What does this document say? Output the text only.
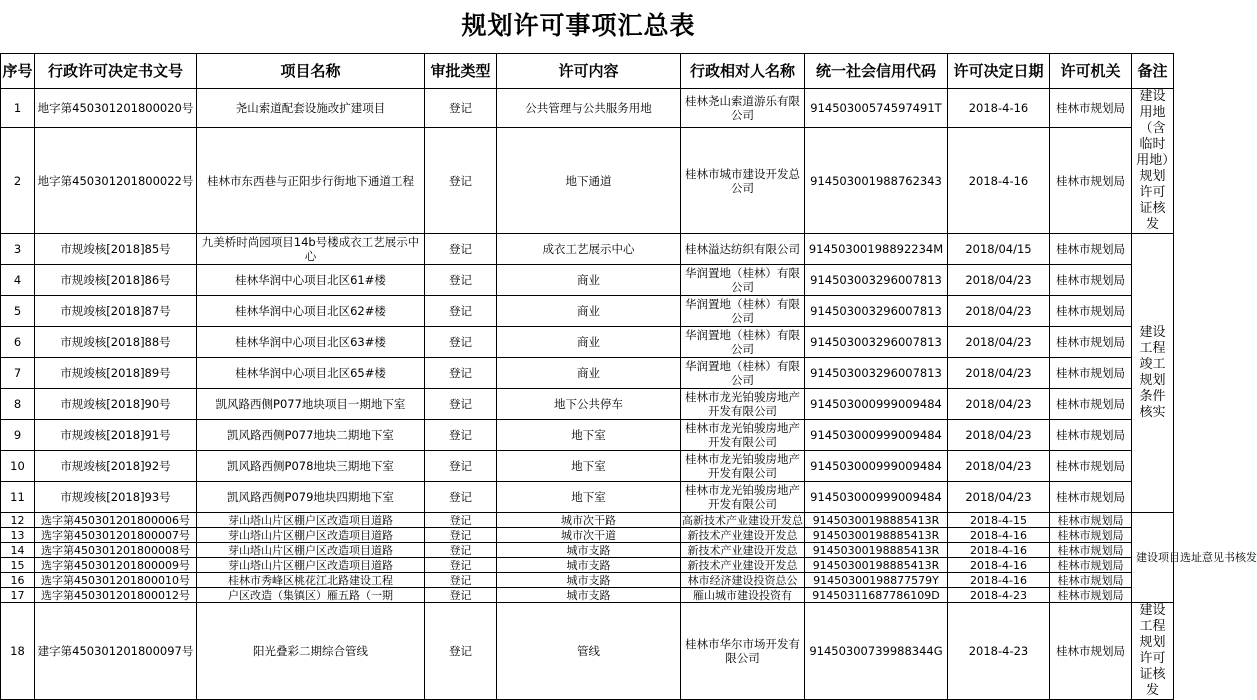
规划许可事项汇总表
序号	行政许可决定书文号	项目名称	审批类型	许可内容	行政相对人名称	统一社会信用代码	许可决定日期	许可机关	备注
1	地字第450301201800020号	尧山索道配套设施改扩建项目	登记	公共管理与公共服务用地	桂林尧山索道游乐有限公司	91450300574597491T	2018-4-16	桂林市规划局	建设用地（含临时用地）规划许可证核发
2	地字第450301201800022号	桂林市东西巷与正阳步行街地下通道工程	登记	地下通道	桂林市城市建设开发总公司	914503001988762343	2018-4-16	桂林市规划局	
3	市规竣核[2018]85号	九美桥时尚园项目14b号楼成衣工艺展示中心	登记	成衣工艺展示中心	桂林溢达纺织有限公司	91450300198892234M	2018/04/15	桂林市规划局	建设工程竣工规划条件核实
4	市规竣核[2018]86号	桂林华润中心项目北区61#楼	登记	商业	华润置地（桂林）有限公司	914503003296007813	2018/04/23	桂林市规划局	
5	市规竣核[2018]87号	桂林华润中心项目北区62#楼	登记	商业	华润置地（桂林）有限公司	914503003296007813	2018/04/23	桂林市规划局	
6	市规竣核[2018]88号	桂林华润中心项目北区63#楼	登记	商业	华润置地（桂林）有限公司	914503003296007813	2018/04/23	桂林市规划局	
7	市规竣核[2018]89号	桂林华润中心项目北区65#楼	登记	商业	华润置地（桂林）有限公司	914503003296007813	2018/04/23	桂林市规划局	
8	市规竣核[2018]90号	凯风路西侧P077地块项目一期地下室	登记	地下公共停车	桂林市龙光铂骏房地产开发有限公司	914503000999009484	2018/04/23	桂林市规划局	
9	市规竣核[2018]91号	凯风路西侧P077地块二期地下室	登记	地下室	桂林市龙光铂骏房地产开发有限公司	914503000999009484	2018/04/23	桂林市规划局	
10	市规竣核[2018]92号	凯风路西侧P078地块三期地下室	登记	地下室	桂林市龙光铂骏房地产开发有限公司	914503000999009484	2018/04/23	桂林市规划局	
11	市规竣核[2018]93号	凯风路西侧P079地块四期地下室	登记	地下室	桂林市龙光铂骏房地产开发有限公司	914503000999009484	2018/04/23	桂林市规划局	
12	选字第450301201800006号	芽山塔山片区棚户区改造项目道路	登记	城市次干路	高新技术产业建设开发总	91450300198885413R	2018-4-15	桂林市规划局	建设项目选址意见书核发
13	选字第450301201800007号	芽山塔山片区棚户区改造项目道路	登记	城市次干道	新技术产业建设开发总	91450300198885413R	2018-4-16	桂林市规划局	
14	选字第450301201800008号	芽山塔山片区棚户区改造项目道路	登记	城市支路	新技术产业建设开发总	91450300198885413R	2018-4-16	桂林市规划局	
15	选字第450301201800009号	芽山塔山片区棚户区改造项目道路	登记	城市支路	新技术产业建设开发总	91450300198885413R	2018-4-16	桂林市规划局	
16	选字第450301201800010号	桂林市秀峰区桃花江北路建设工程	登记	城市支路	林市经济建设投资总公	91450300198877579Y	2018-4-16	桂林市规划局	
17	选字第450301201800012号	户区改造（集镇区）雁五路（一期	登记	城市支路	雁山城市建设投资有	91450311687786109D	2018-4-23	桂林市规划局	
18	建字第450301201800097号	阳光叠彩二期综合管线	登记	管线	桂林市华尔市场开发有限公司	91450300739988344G	2018-4-23	桂林市规划局	建设工程规划许可证核发
